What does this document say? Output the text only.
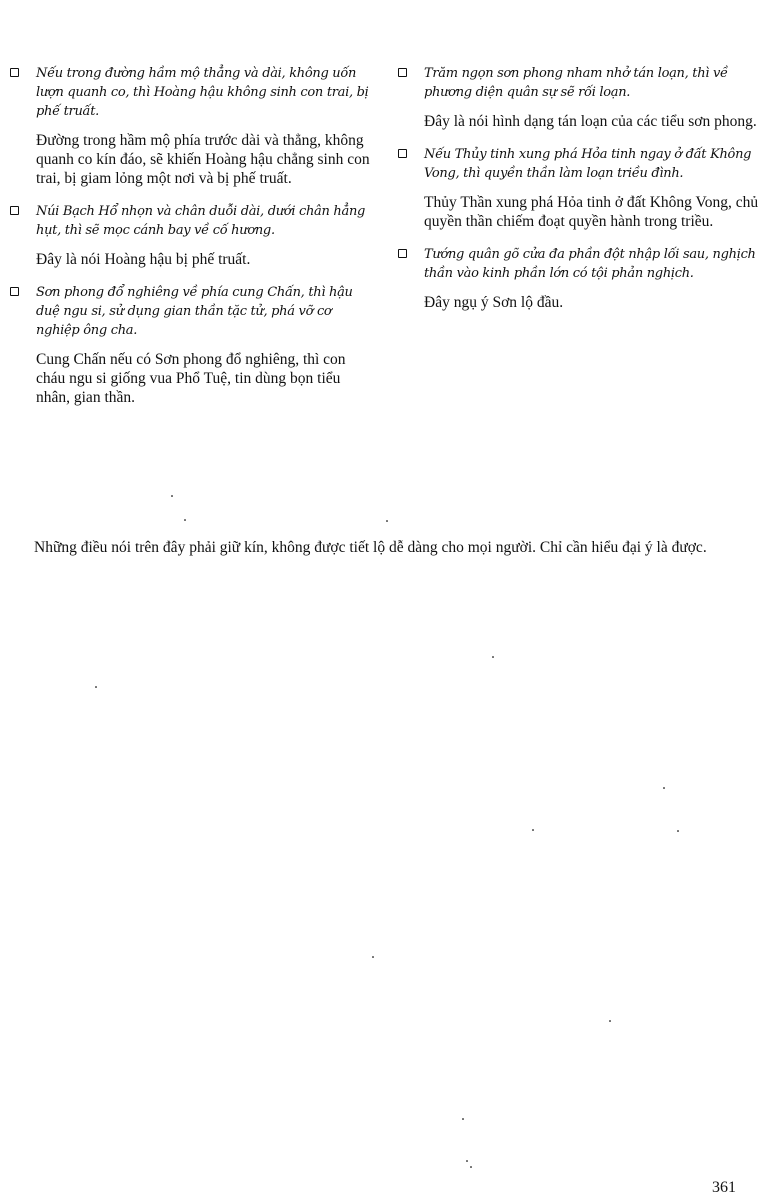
Nếu trong đường hầm mộ thẳng và dài, không uốn lượn quanh co, thì Hoàng hậu không sinh con trai, bị phế truất.
Đường trong hầm mộ phía trước dài và thẳng, không quanh co kín đáo, sẽ khiến Hoàng hậu chẳng sinh con trai, bị giam lỏng một nơi và bị phế truất.
Núi Bạch Hổ nhọn và chân duỗi dài, dưới chân hẳng hụt, thì sẽ mọc cánh bay về cố hương.
Đây là nói Hoàng hậu bị phế truất.
Sơn phong đổ nghiêng về phía cung Chấn, thì hậu duệ ngu si, sử dụng gian thần tặc tử, phá vỡ cơ nghiệp ông cha.
Cung Chấn nếu có Sơn phong đổ nghiêng, thì con cháu ngu si giống vua Phổ Tuệ, tin dùng bọn tiểu nhân, gian thần.
Trăm ngọn sơn phong nham nhở tán loạn, thì về phương diện quân sự sẽ rối loạn.
Đây là nói hình dạng tán loạn của các tiểu sơn phong.
Nếu Thủy tinh xung phá Hỏa tinh ngay ở đất Không Vong, thì quyền thần làm loạn triều đình.
Thủy Thần xung phá Hỏa tinh ở đất Không Vong, chủ quyền thần chiếm đoạt quyền hành trong triều.
Tướng quân gõ cửa đa phần đột nhập lối sau, nghịch thần vào kinh phần lớn có tội phản nghịch.
Đây ngụ ý Sơn lộ đầu.

Những điều nói trên đây phải giữ kín, không được tiết lộ dễ dàng cho mọi người. Chỉ cần hiểu đại ý là được.

361
